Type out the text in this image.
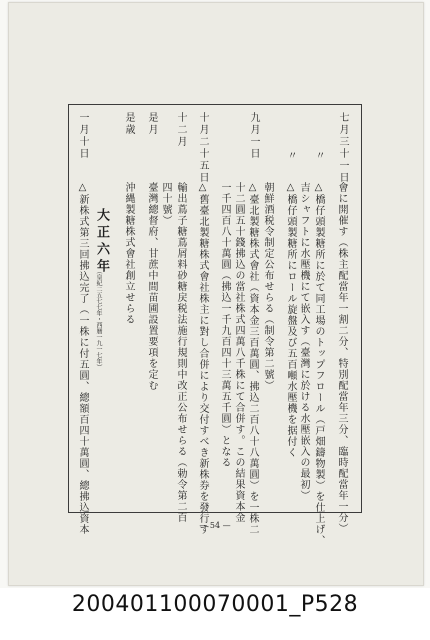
七月三十一日
〃
〃
九月一日
十月二十五日
十二月
是月
是歳
會に開催す（株主配當年一割二分、特別配當年三分、臨時配當年一分）
△橋仔頭製糖所に於て同工場のトップフロール（戸畑鑄物製）を仕上げ、
吉シャフトに水壓機にて嵌入す（臺灣に於ける水壓嵌入の最初）
△橋仔頭製糖所にロール旋盤及び五百噸水壓機を据付く
朝鮮酒税令制定公布せらる（制令第二號）
△臺北製糖株式會社（資本金三百萬圓、拂込二百八十八萬圓）を一株二
十二圓五十錢拂込の當社株式四萬八千株にて合併す。この結果資本金
一千四百八十萬圓（拂込一千九百四十三萬五千圓）となる
△舊臺北製糖株式會社株主に對し合併により交付すべき新株券を發行す
輸出蔦子糖蔦屑料砂糖戻税法施行規則中改正公布せらる（勅令第二百
四十號）
臺灣總督府、甘蔗中間苗圃設置要項を定む
沖縄製糖株式會社創立せらる
大正六年
（皇紀二五七七年・西暦一九一七年）
一月十日
△新株式第三回拂込完了（一株に付五圓、總額百四十萬圓、總拂込資本	— 54 —
200401100070001_P528
